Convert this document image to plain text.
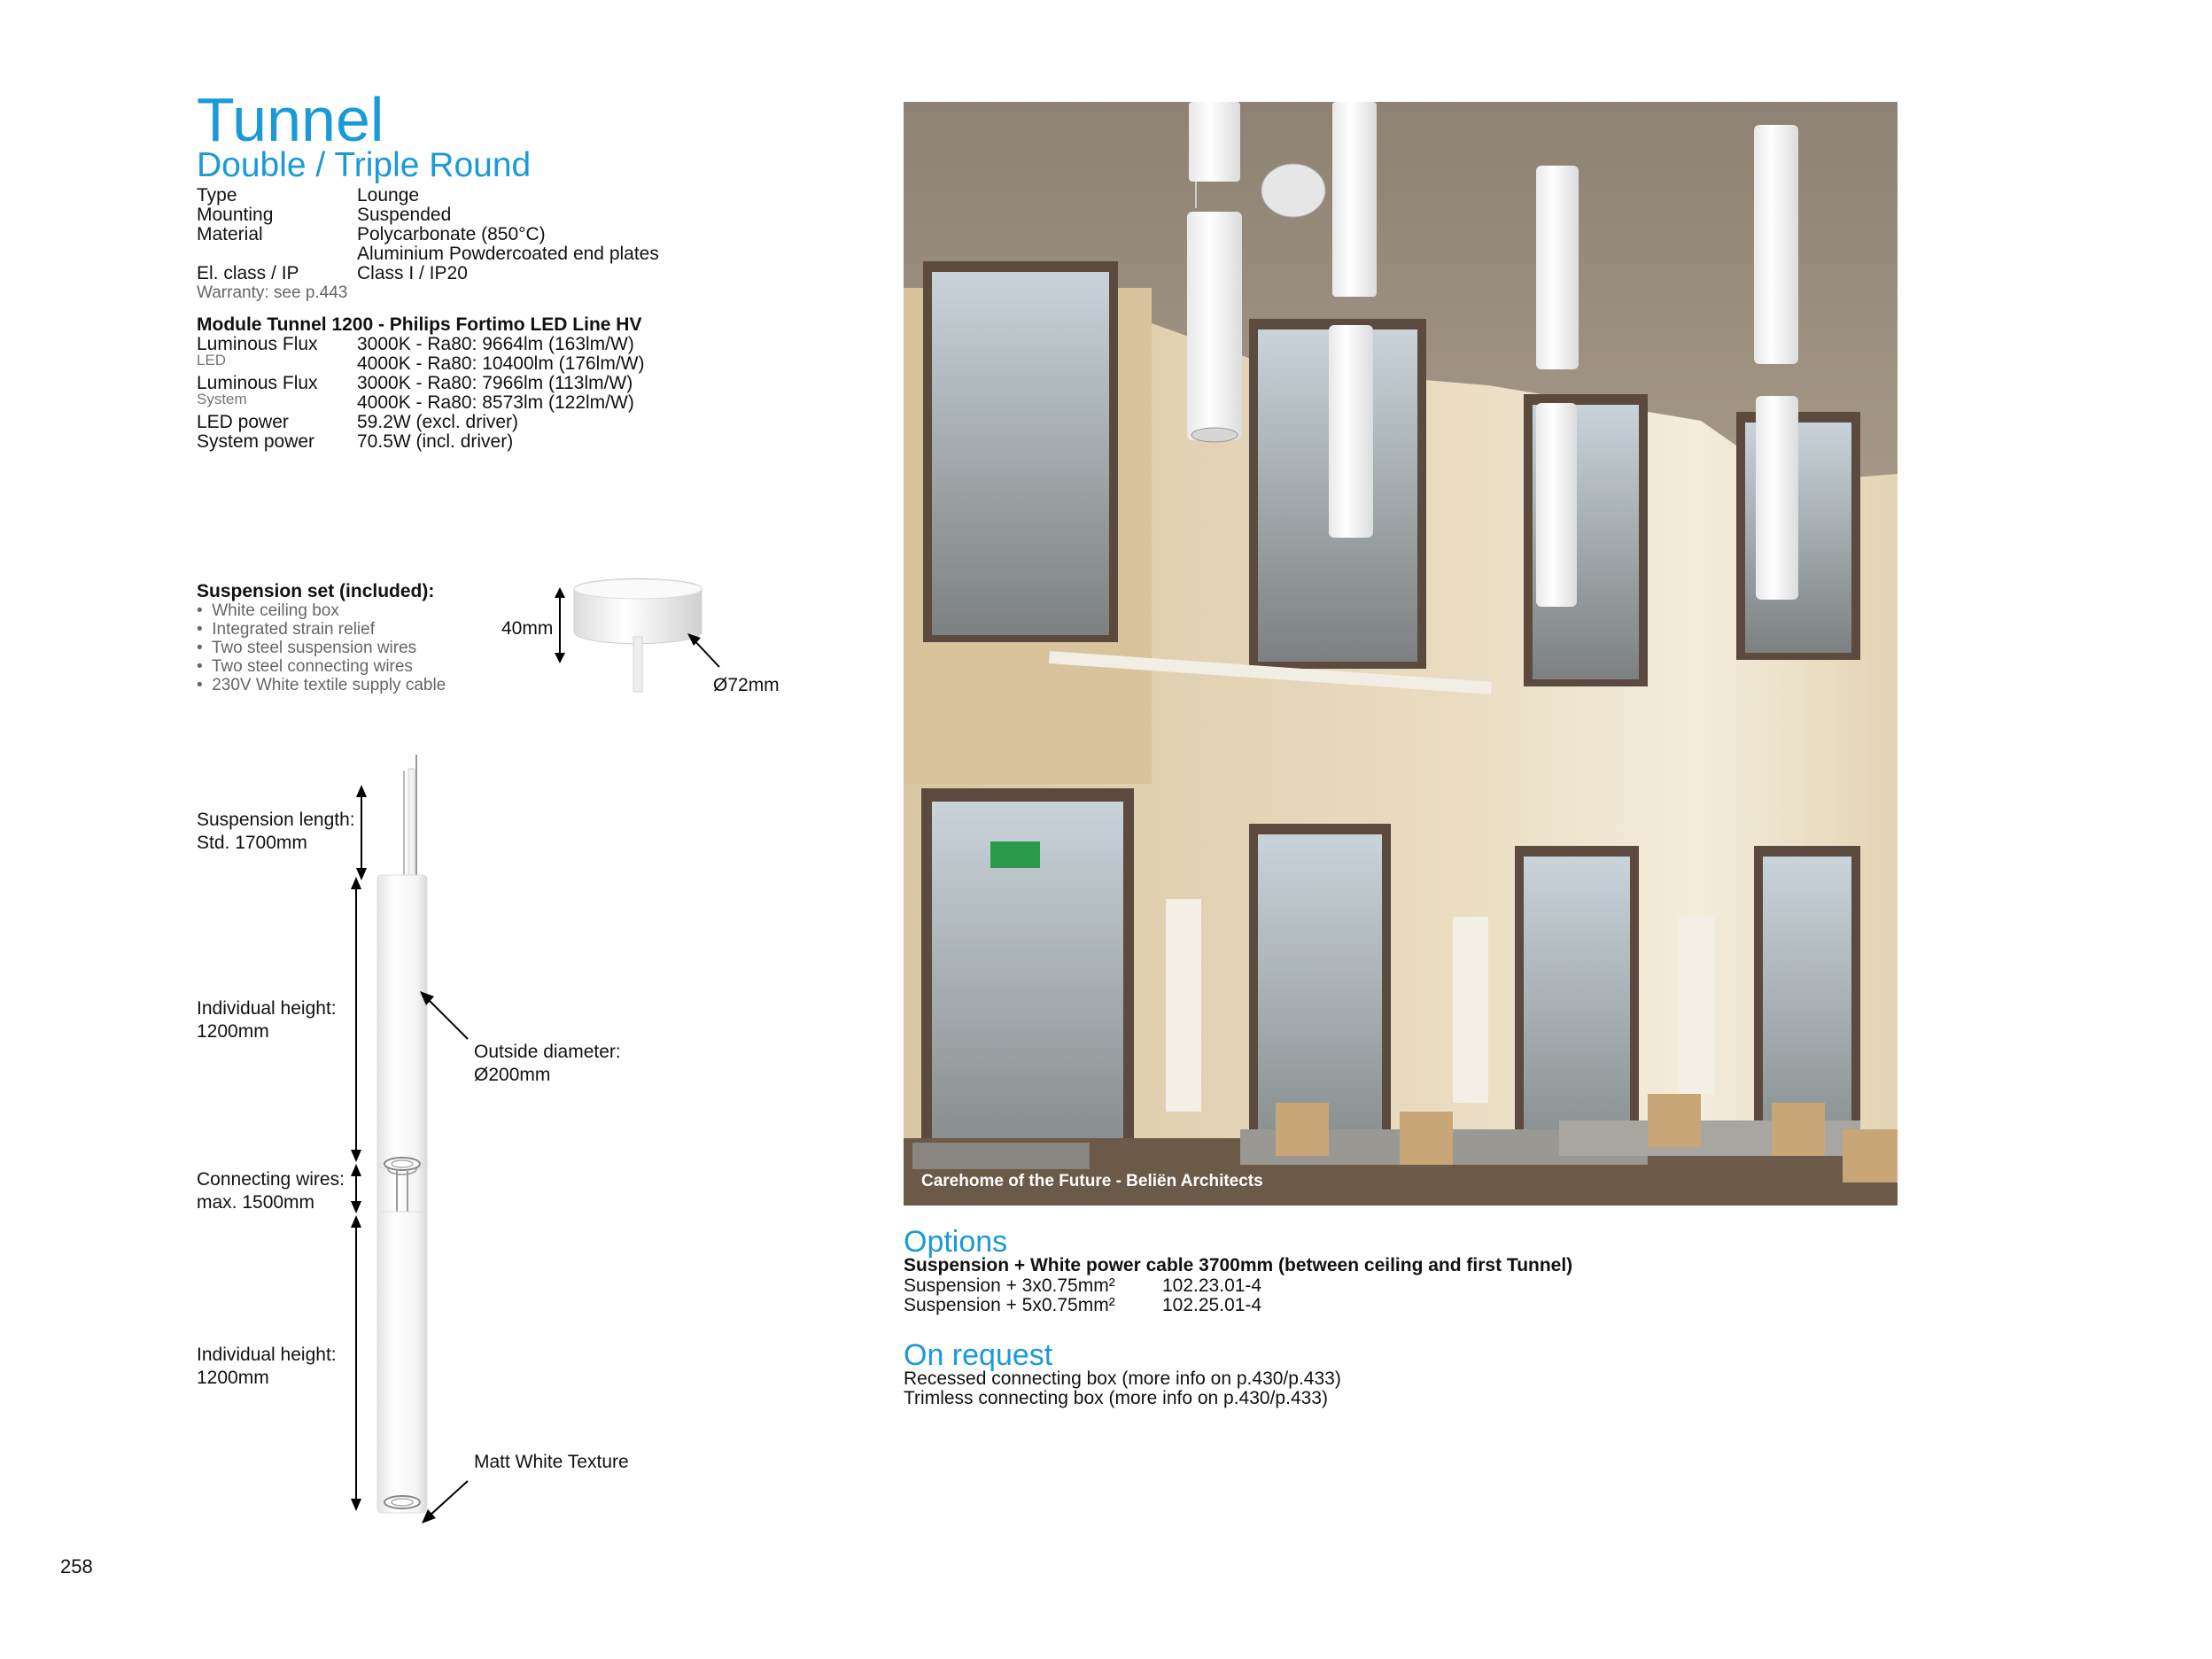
Tunnel
Double / Triple Round
Type	Lounge
Mounting	Suspended
Material	Polycarbonate (850°C)
Aluminium Powdercoated end plates
El. class / IP	Class I / IP20
Warranty: see p.443
Module Tunnel 1200 - Philips Fortimo LED Line HV
Luminous Flux 3000K - Ra80: 9664lm (163lm/W)
LED	4000K - Ra80: 10400lm (176lm/W)
Luminous Flux 3000K - Ra80: 7966lm (113lm/W)
System	4000K - Ra80: 8573lm (122lm/W)
LED power	59.2W (excl. driver)
System power 70.5W (incl. driver)
Suspension set (included):
•  White ceiling box
•  Integrated strain relief
•  Two steel suspension wires
•  Two steel connecting wires
•  230V White textile supply cable
40mm
Ø72mm
Suspension length:
Std. 1700mm
Individual height:
1200mm
Outside diameter:
Ø200mm
Connecting wires:
max. 1500mm
Individual height:
1200mm
Matt White Texture
Carehome of the Future - Beliën Architects
Options
Suspension + White power cable 3700mm (between ceiling and first Tunnel)
Suspension + 3x0.75mm²	102.23.01-4
Suspension + 5x0.75mm²	102.25.01-4
On request
Recessed connecting box (more info on p.430/p.433)
Trimless connecting box (more info on p.430/p.433)
258
